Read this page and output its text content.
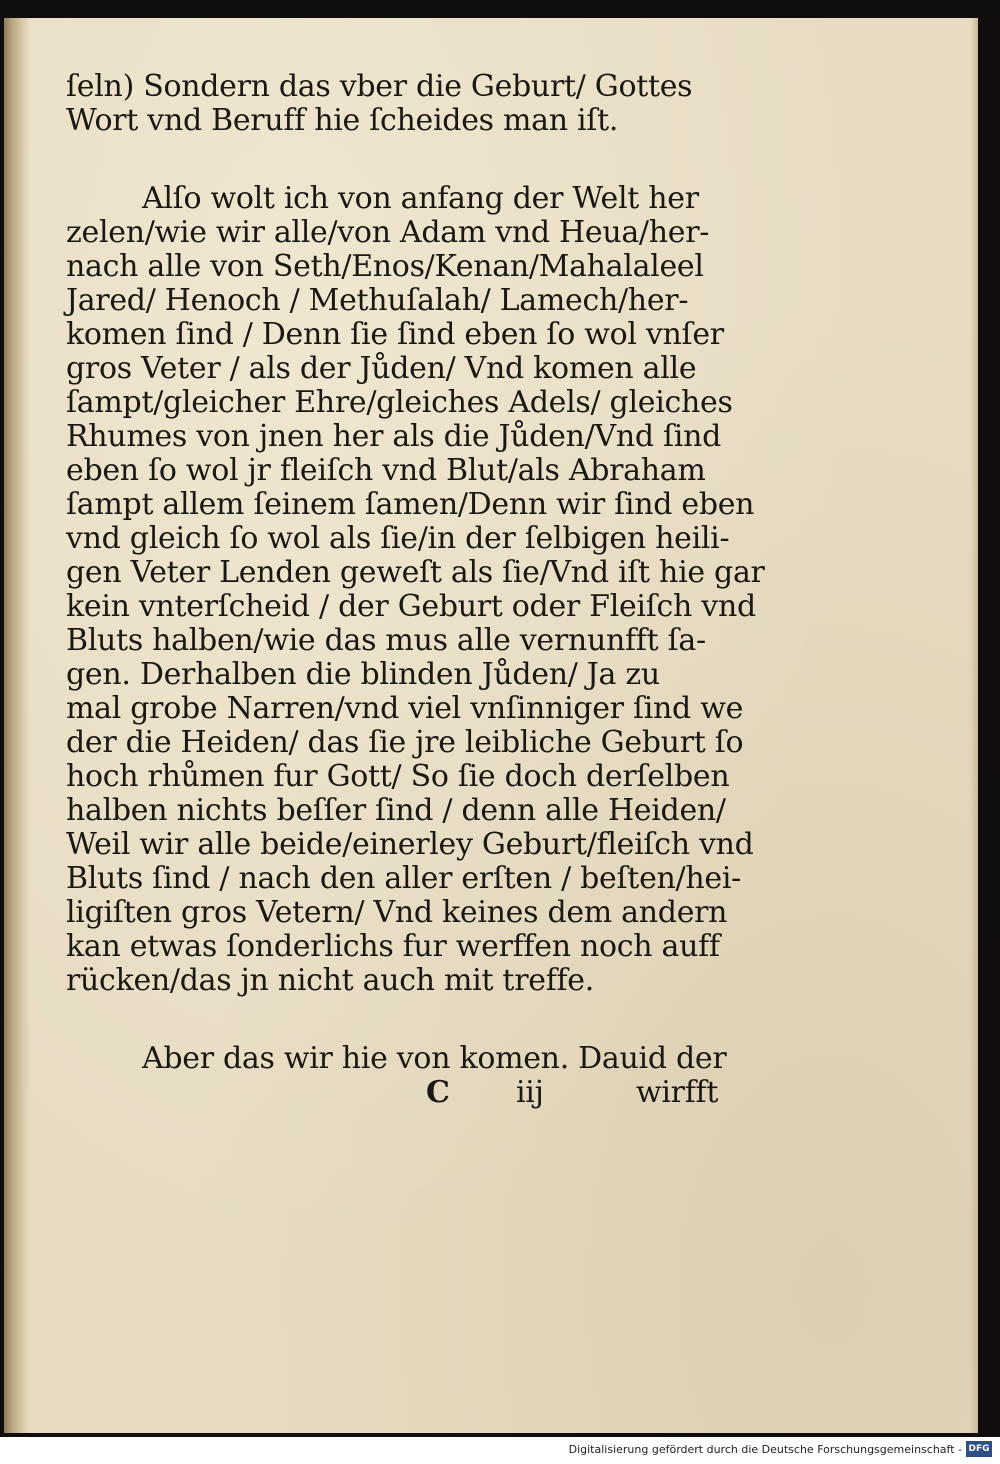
ſeln) Sondern das vber die Geburt/ Gottes
Wort vnd Beruff hie ſcheides man iſt.
Alſo wolt ich von anfang der Welt her
zelen/wie wir alle/von Adam vnd Heua/her-
nach alle von Seth/Enos/Kenan/Mahalaleel
Jared/ Henoch / Methuſalah/ Lamech/her-
komen ſind / Denn ſie ſind eben ſo wol vnſer
gros Veter / als der Jůden/ Vnd komen alle
ſampt/gleicher Ehre/gleiches Adels/ gleiches
Rhumes von jnen her als die Jůden/Vnd ſind
eben ſo wol jr fleiſch vnd Blut/als Abraham
ſampt allem ſeinem ſamen/Denn wir ſind eben
vnd gleich ſo wol als ſie/in der ſelbigen heili-
gen Veter Lenden geweſt als ſie/Vnd iſt hie gar
kein vnterſcheid / der Geburt oder Fleiſch vnd
Bluts halben/wie das mus alle vernunfft ſa-
gen. Derhalben die blinden Jůden/ Ja zu
mal grobe Narren/vnd viel vnſinniger ſind we
der die Heiden/ das ſie jre leibliche Geburt ſo
hoch rhůmen fur Gott/ So ſie doch derſelben
halben nichts beſſer ſind / denn alle Heiden/
Weil wir alle beide/einerley Geburt/fleiſch vnd
Bluts ſind / nach den aller erſten / beſten/hei-
ligiſten gros Vetern/ Vnd keines dem andern
kan etwas ſonderlichs fur werffen noch auff
rücken/das jn nicht auch mit treffe.
Aber das wir hie von komen. Dauid der
C iij	wirfft
Digitalisierung gefördert durch die Deutsche Forschungsgemeinschaft - DFG
